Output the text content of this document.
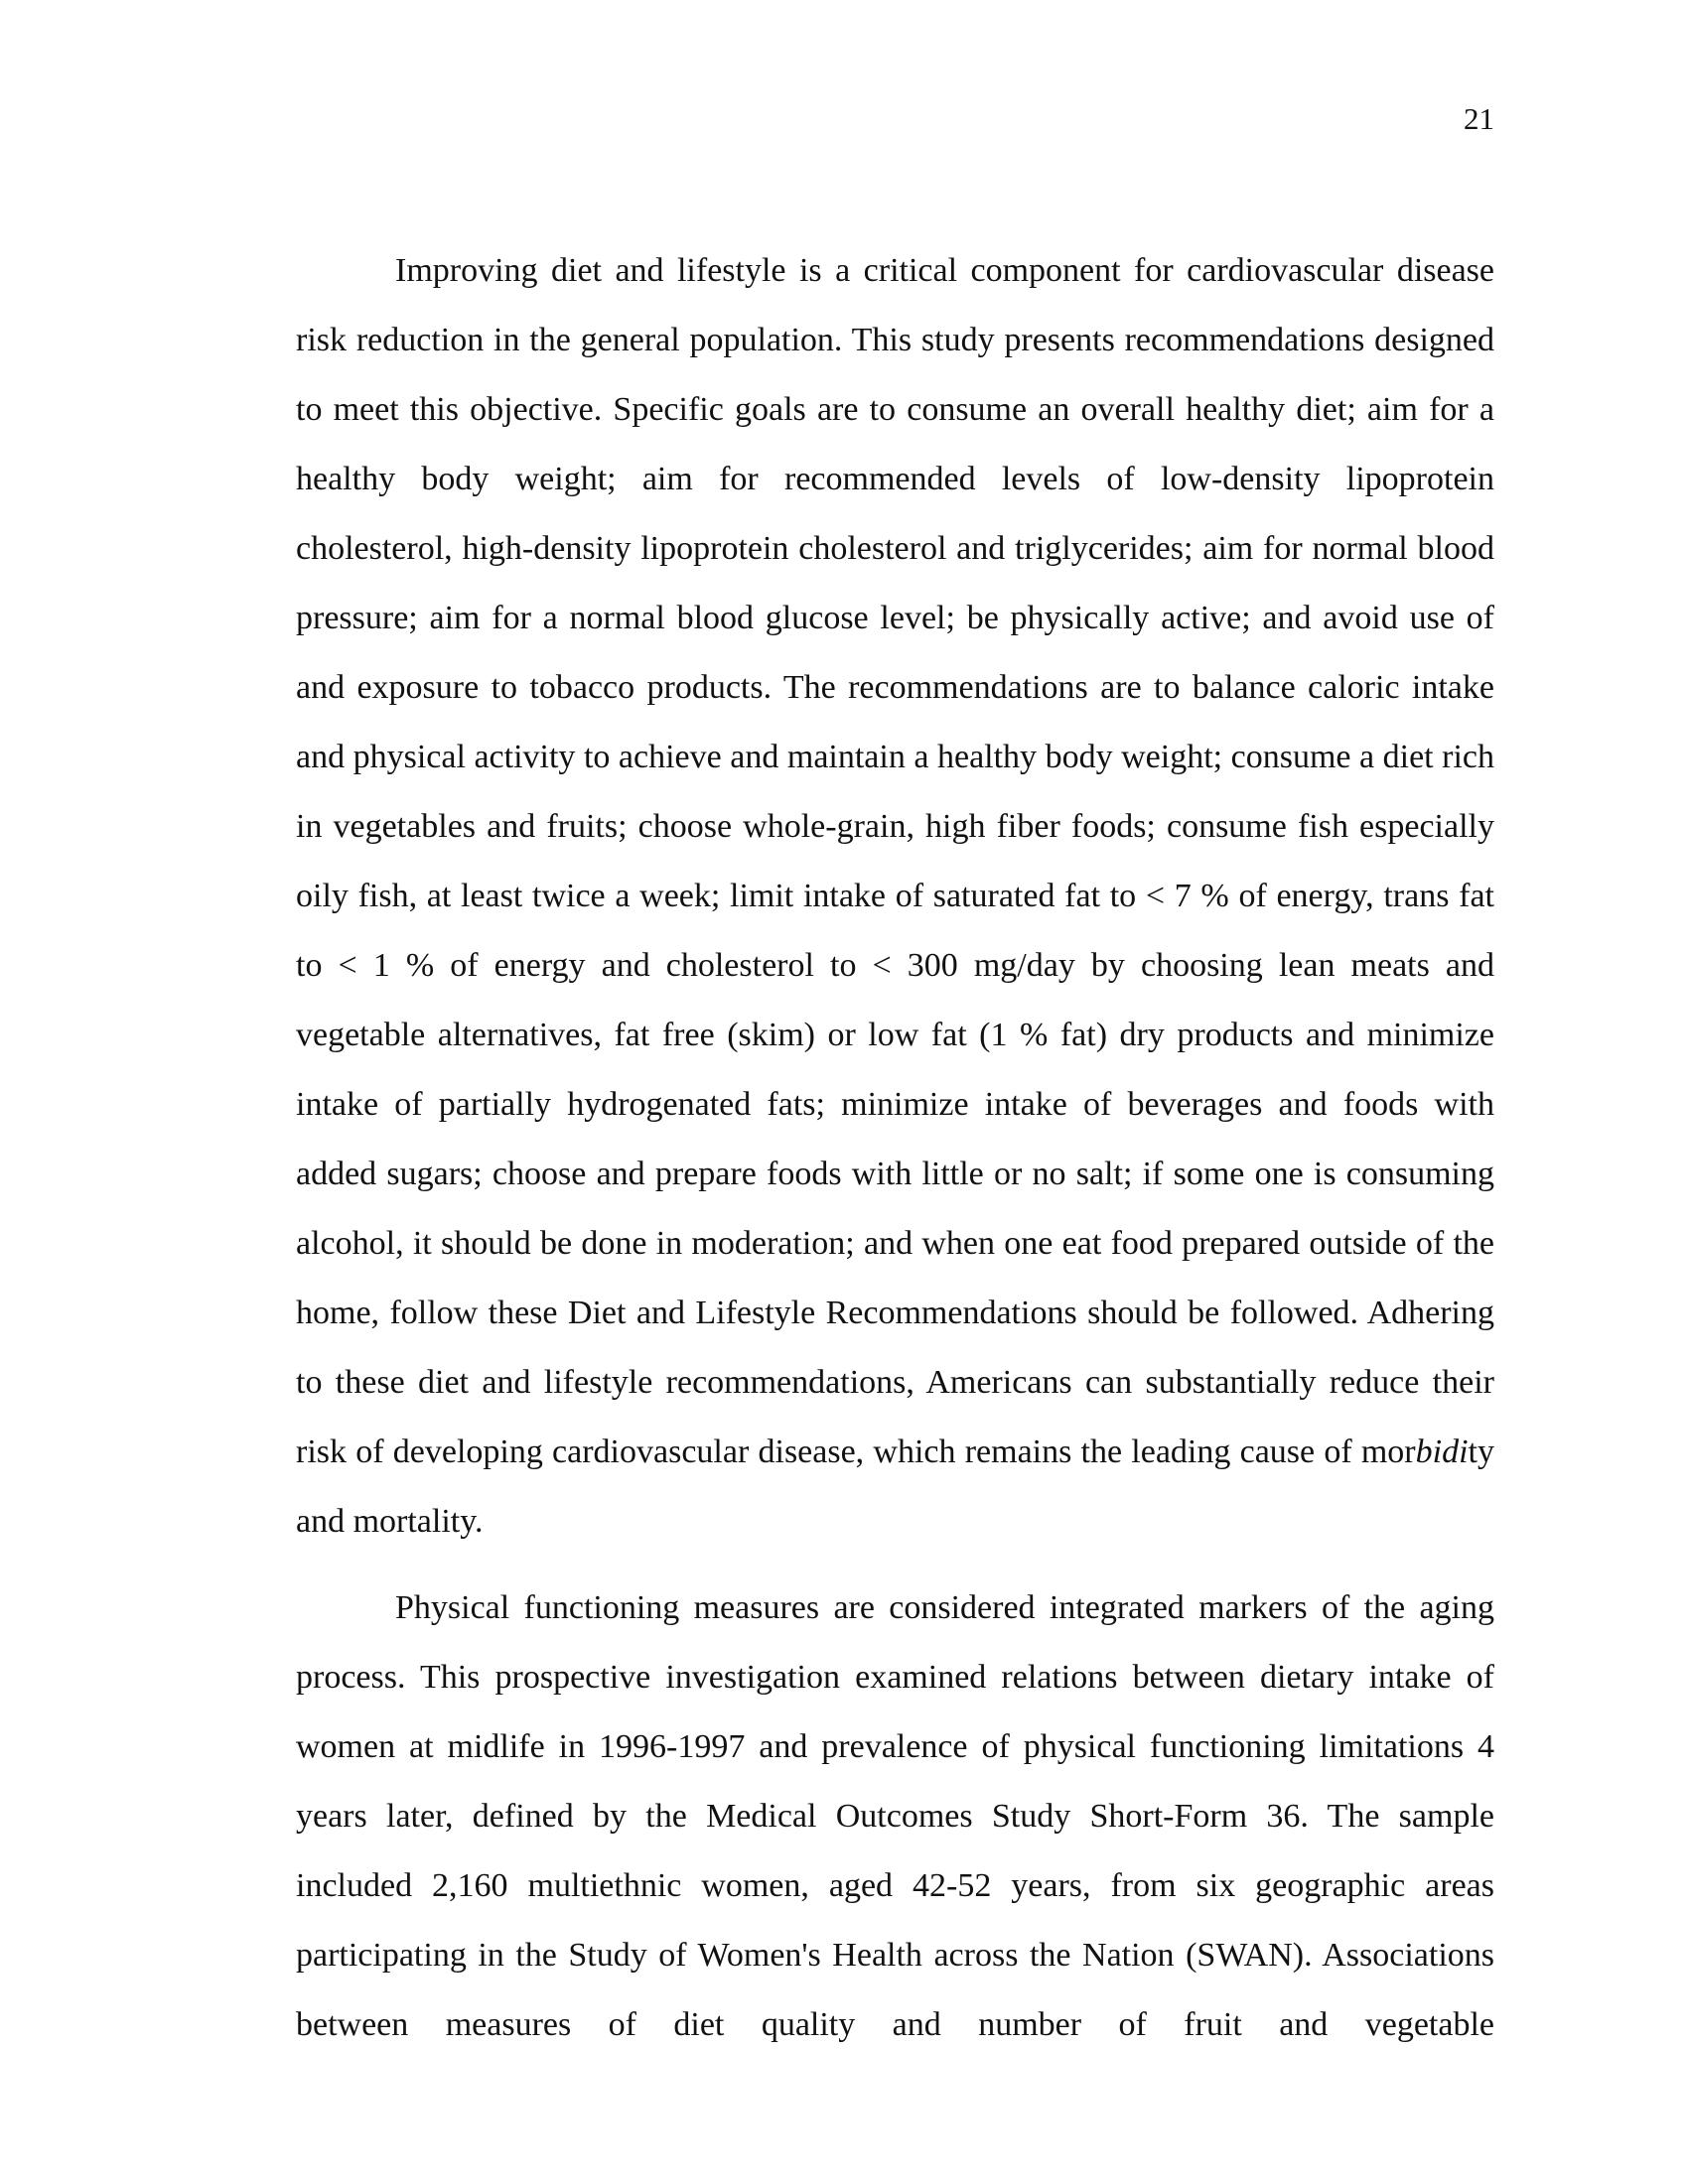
21

Improving diet and lifestyle is a critical component for cardiovascular disease risk reduction in the general population. This study presents recommendations designed to meet this objective. Specific goals are to consume an overall healthy diet; aim for a healthy body weight; aim for recommended levels of low-density lipoprotein cholesterol, high-density lipoprotein cholesterol and triglycerides; aim for normal blood pressure; aim for a normal blood glucose level; be physically active; and avoid use of and exposure to tobacco products. The recommendations are to balance caloric intake and physical activity to achieve and maintain a healthy body weight; consume a diet rich in vegetables and fruits; choose whole-grain, high fiber foods; consume fish especially oily fish, at least twice a week; limit intake of saturated fat to < 7 % of energy, trans fat to < 1 % of energy and cholesterol to < 300 mg/day by choosing lean meats and vegetable alternatives, fat free (skim) or low fat (1 % fat) dry products and minimize intake of partially hydrogenated fats; minimize intake of beverages and foods with added sugars; choose and prepare foods with little or no salt; if some one is consuming alcohol, it should be done in moderation; and when one eat food prepared outside of the home, follow these Diet and Lifestyle Recommendations should be followed. Adhering to these diet and lifestyle recommendations, Americans can substantially reduce their risk of developing cardiovascular disease, which remains the leading cause of morbidity and mortality.

Physical functioning measures are considered integrated markers of the aging process. This prospective investigation examined relations between dietary intake of women at midlife in 1996-1997 and prevalence of physical functioning limitations 4 years later, defined by the Medical Outcomes Study Short-Form 36. The sample included 2,160 multiethnic women, aged 42-52 years, from six geographic areas participating in the Study of Women's Health across the Nation (SWAN). Associations between measures of diet quality and number of fruit and vegetable
